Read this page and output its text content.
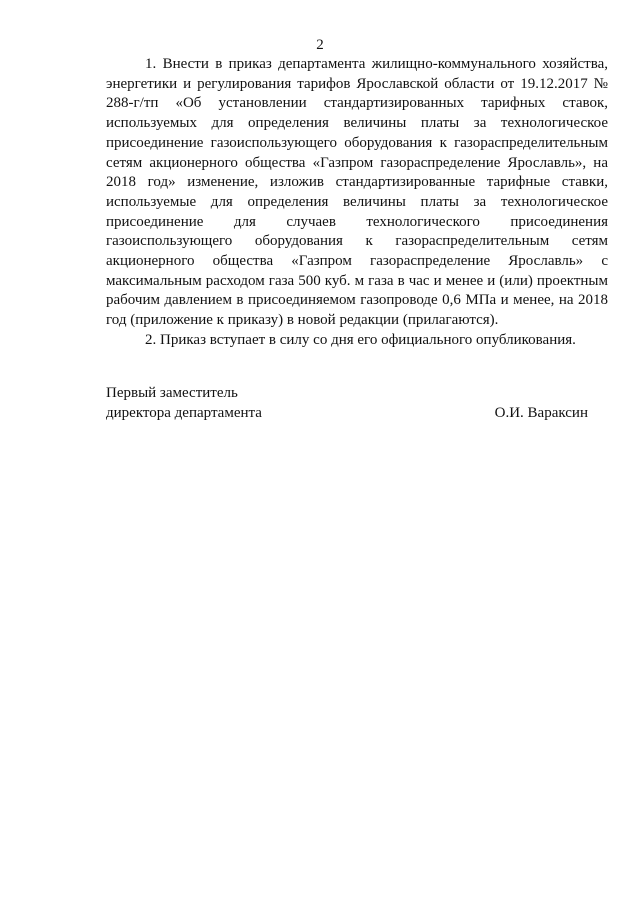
2

1. Внести в приказ департамента жилищно-коммунального хозяйства, энергетики и регулирования тарифов Ярославской области от 19.12.2017 № 288-г/тп «Об установлении стандартизированных тарифных ставок, используемых для определения величины платы за технологическое присоединение газоиспользующего оборудования к газораспределительным сетям акционерного общества «Газпром газораспределение Ярославль», на 2018 год» изменение, изложив стандартизированные тарифные ставки, используемые для определения величины платы за технологическое присоединение для случаев технологического присоединения газоиспользующего оборудования к газораспределительным сетям акционерного общества «Газпром газораспределение Ярославль» с максимальным расходом газа 500 куб. м газа в час и менее и (или) проектным рабочим давлением в присоединяемом газопроводе 0,6 МПа и менее, на 2018 год (приложение к приказу) в новой редакции (прилагаются).

2. Приказ вступает в силу со дня его официального опубликования.

Первый заместитель
директора департамента	О.И. Вараксин
